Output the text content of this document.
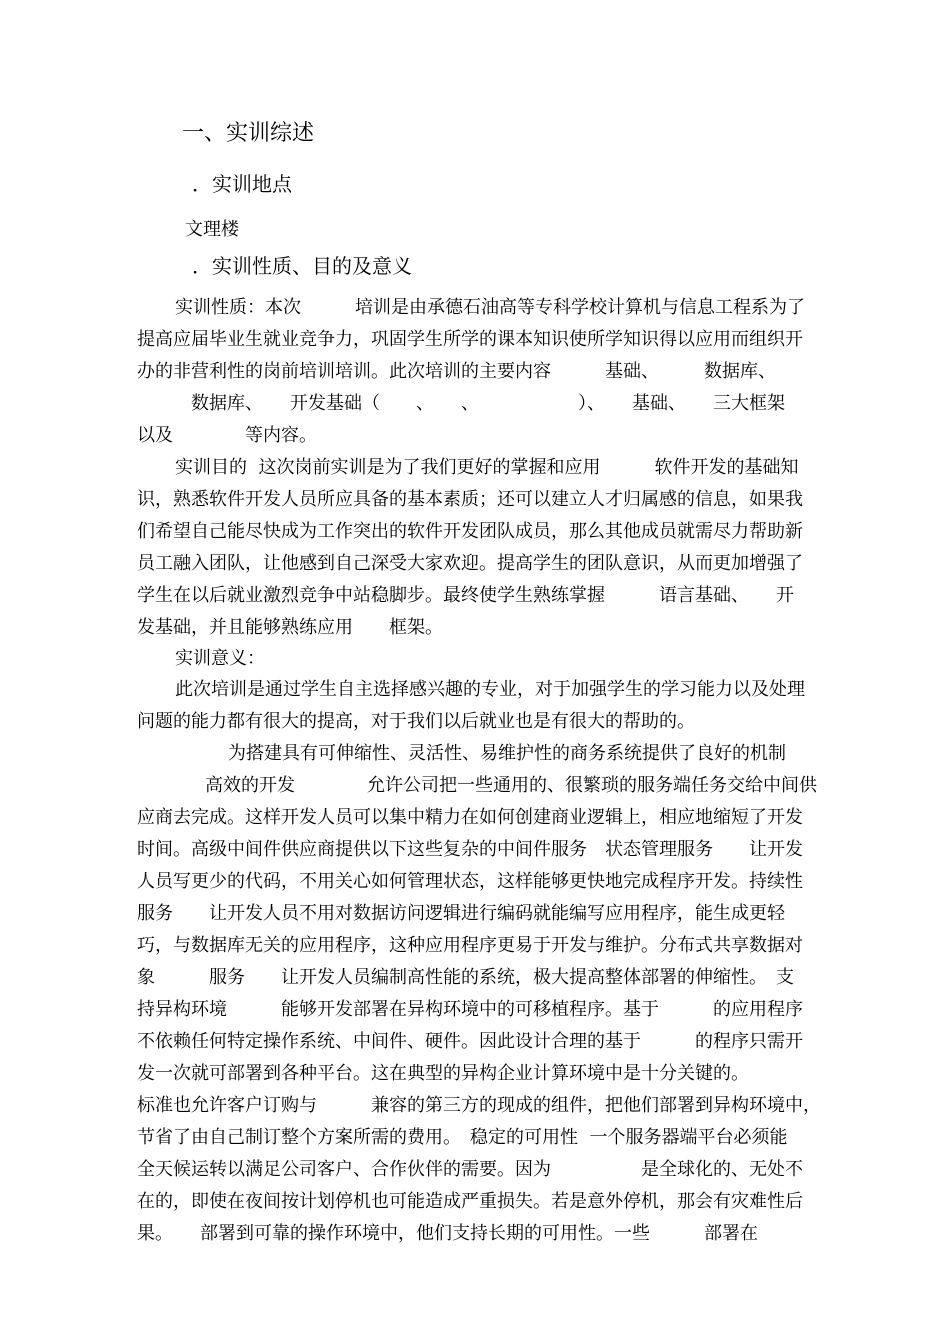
一、实训综述
．实训地点
文理楼
．实训性质、目的及意义
实训性质：本次　　　培训是由承德石油高等专科学校计算机与信息工程系为了
提高应届毕业生就业竞争力，巩固学生所学的课本知识使所学知识得以应用而组织开
办的非营利性的岗前培训培训。此次培训的主要内容　　　基础、　　　数据库、
　　　数据库、　　开发基础（　　、　　、　　　　　　）、　　基础、　　三大框架
以及　　　　等内容。
实训目的  这次岗前实训是为了我们更好的掌握和应用　　　软件开发的基础知
识，熟悉软件开发人员所应具备的基本素质；还可以建立人才归属感的信息，如果我
们希望自己能尽快成为工作突出的软件开发团队成员，那么其他成员就需尽力帮助新
员工融入团队，让他感到自己深受大家欢迎。提高学生的团队意识，从而更加增强了
学生在以后就业激烈竞争中站稳脚步。最终使学生熟练掌握　　　语言基础、　　开
发基础，并且能够熟练应用　　框架。
实训意义：
此次培训是通过学生自主选择感兴趣的专业，对于加强学生的学习能力以及处理
问题的能力都有很大的提高，对于我们以后就业也是有很大的帮助的。
为搭建具有可伸缩性、灵活性、易维护性的商务系统提供了良好的机制
高效的开发　　　　允许公司把一些通用的、很繁琐的服务端任务交给中间供
应商去完成。这样开发人员可以集中精力在如何创建商业逻辑上，相应地缩短了开发
时间。高级中间件供应商提供以下这些复杂的中间件服务　状态管理服务　　让开发
人员写更少的代码，不用关心如何管理状态，这样能够更快地完成程序开发。持续性
服务　　让开发人员不用对数据访问逻辑进行编码就能编写应用程序，能生成更轻
巧，与数据库无关的应用程序，这种应用程序更易于开发与维护。分布式共享数据对
象　　　服务　　让开发人员编制高性能的系统，极大提高整体部署的伸缩性。　支
持异构环境　　　能够开发部署在异构环境中的可移植程序。基于　　　的应用程序
不依赖任何特定操作系统、中间件、硬件。因此设计合理的基于　　　的程序只需开
发一次就可部署到各种平台。这在典型的异构企业计算环境中是十分关键的。
标准也允许客户订购与　　　兼容的第三方的现成的组件，把他们部署到异构环境中，
节省了由自己制订整个方案所需的费用。　稳定的可用性  一个服务器端平台必须能
全天候运转以满足公司客户、合作伙伴的需要。因为　　　　　是全球化的、无处不
在的，即使在夜间按计划停机也可能造成严重损失。若是意外停机，那会有灾难性后
果。　　部署到可靠的操作环境中，他们支持长期的可用性。一些　　　部署在
